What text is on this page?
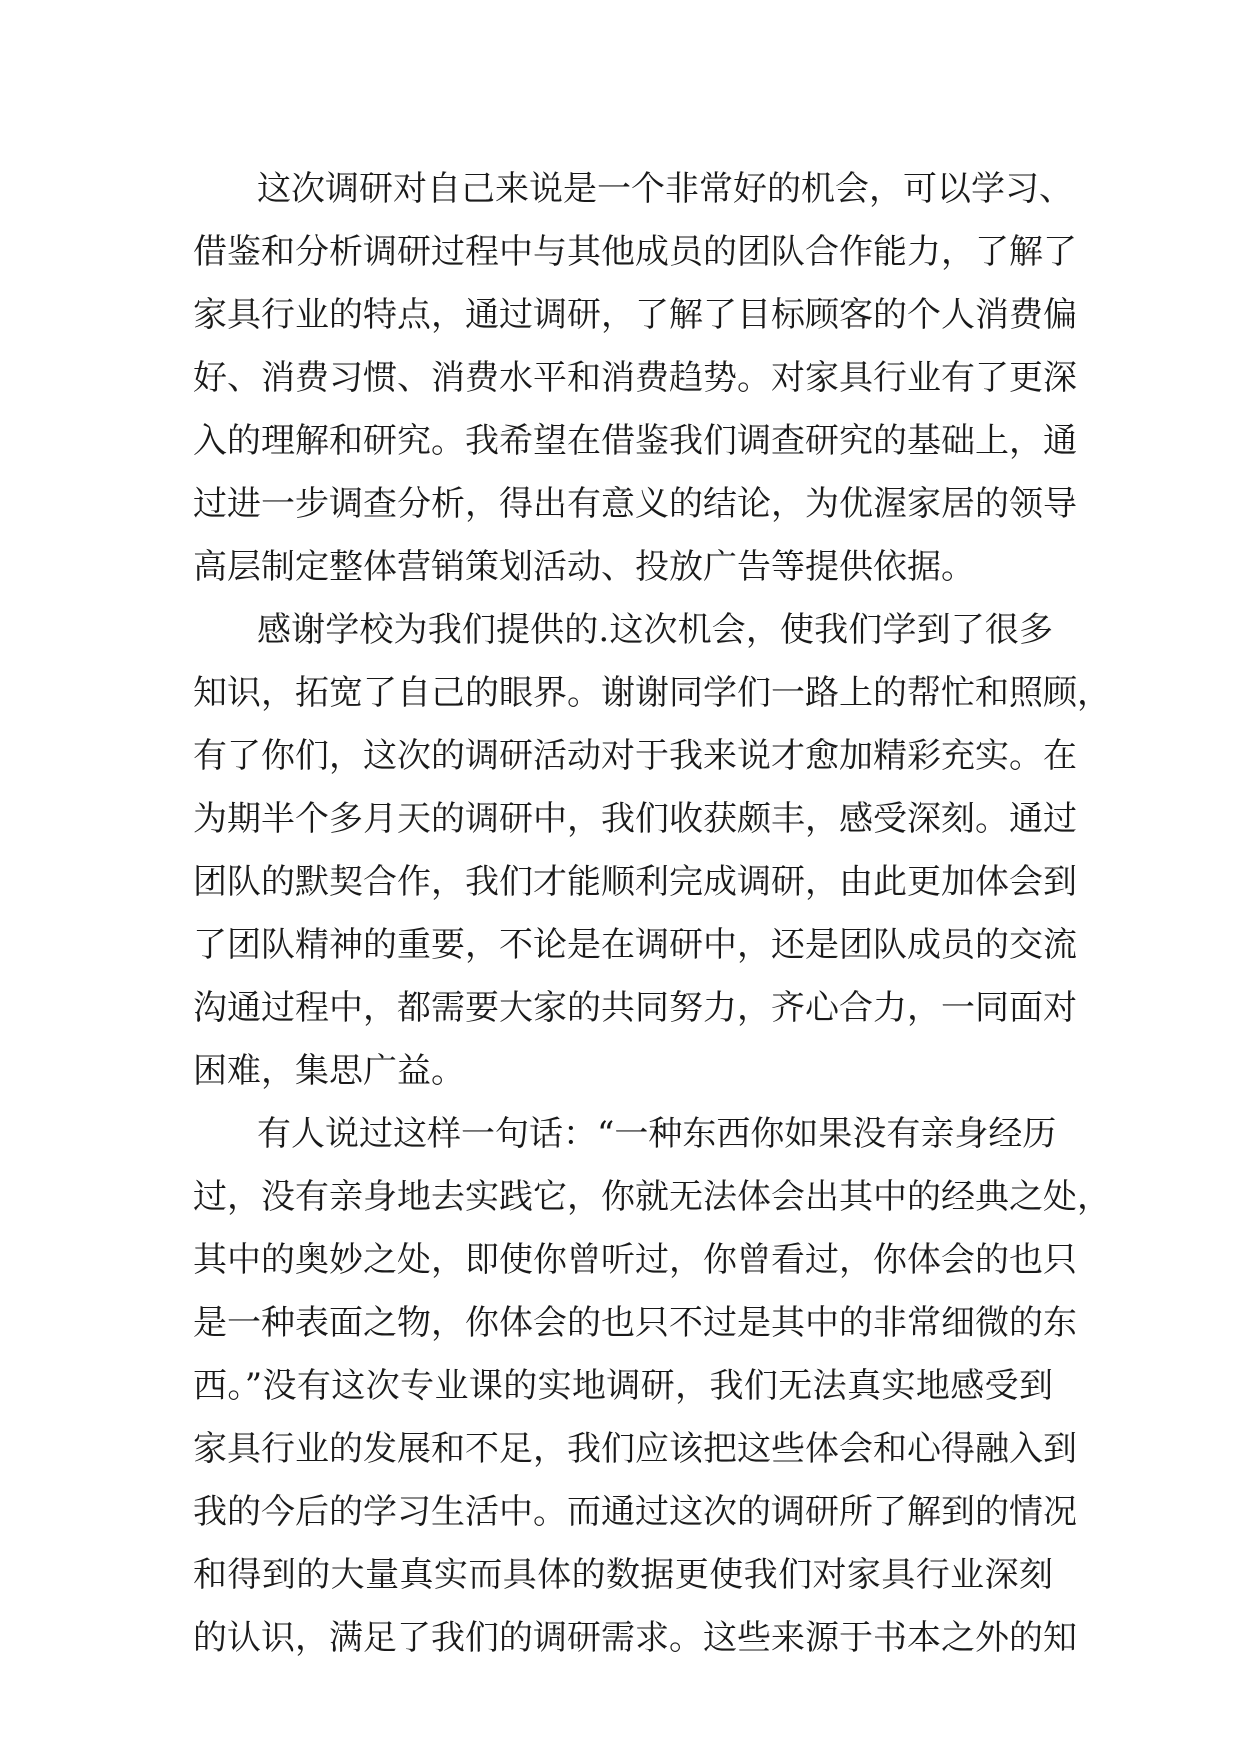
这次调研对自己来说是一个非常好的机会，可以学习、
借鉴和分析调研过程中与其他成员的团队合作能力，了解了
家具行业的特点，通过调研，了解了目标顾客的个人消费偏
好、消费习惯、消费水平和消费趋势。对家具行业有了更深
入的理解和研究。我希望在借鉴我们调查研究的基础上，通
过进一步调查分析，得出有意义的结论，为优渥家居的领导
高层制定整体营销策划活动、投放广告等提供依据。
感谢学校为我们提供的.这次机会，使我们学到了很多
知识，拓宽了自己的眼界。谢谢同学们一路上的帮忙和照顾，
有了你们，这次的调研活动对于我来说才愈加精彩充实。在
为期半个多月天的调研中，我们收获颇丰，感受深刻。通过
团队的默契合作，我们才能顺利完成调研，由此更加体会到
了团队精神的重要，不论是在调研中，还是团队成员的交流
沟通过程中，都需要大家的共同努力，齐心合力，一同面对
困难，集思广益。
有人说过这样一句话：“一种东西你如果没有亲身经历
过，没有亲身地去实践它，你就无法体会出其中的经典之处，
其中的奥妙之处，即使你曾听过，你曾看过，你体会的也只
是一种表面之物，你体会的也只不过是其中的非常细微的东
西。”没有这次专业课的实地调研，我们无法真实地感受到
家具行业的发展和不足，我们应该把这些体会和心得融入到
我的今后的学习生活中。而通过这次的调研所了解到的情况
和得到的大量真实而具体的数据更使我们对家具行业深刻
的认识，满足了我们的调研需求。这些来源于书本之外的知
